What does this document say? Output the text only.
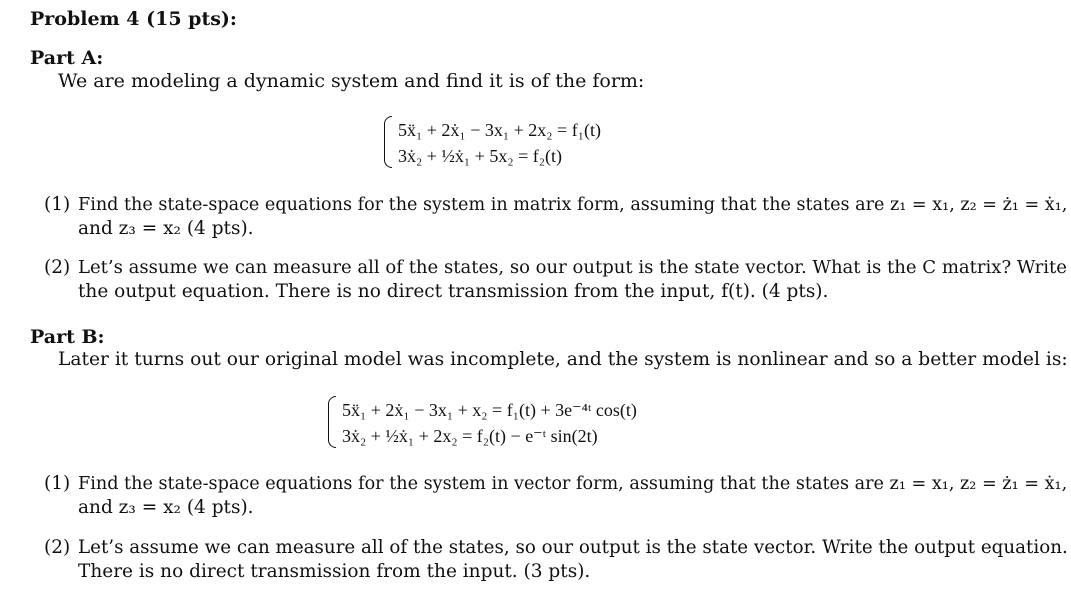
Problem 4 (15 pts):
Part A:
We are modeling a dynamic system and find it is of the form:
5ẍ₁ + 2ẋ₁ − 3x₁ + 2x₂ = f₁(t)
3ẋ₂ + ½ẋ₁ + 5x₂ = f₂(t)
(1) Find the state-space equations for the system in matrix form, assuming that the states are z₁ = x₁, z₂ = ż₁ = ẋ₁,
and z₃ = x₂ (4 pts).
(2) Let’s assume we can measure all of the states, so our output is the state vector. What is the C matrix? Write
the output equation. There is no direct transmission from the input, f(t). (4 pts).
Part B:
Later it turns out our original model was incomplete, and the system is nonlinear and so a better model is:
5ẍ₁ + 2ẋ₁ − 3x₁ + x₂ = f₁(t) + 3e⁻⁴ᵗ cos(t)
3ẋ₂ + ½ẋ₁ + 2x₂ = f₂(t) − e⁻ᵗ sin(2t)
(1) Find the state-space equations for the system in vector form, assuming that the states are z₁ = x₁, z₂ = ż₁ = ẋ₁,
and z₃ = x₂ (4 pts).
(2) Let’s assume we can measure all of the states, so our output is the state vector. Write the output equation.
There is no direct transmission from the input. (3 pts).
